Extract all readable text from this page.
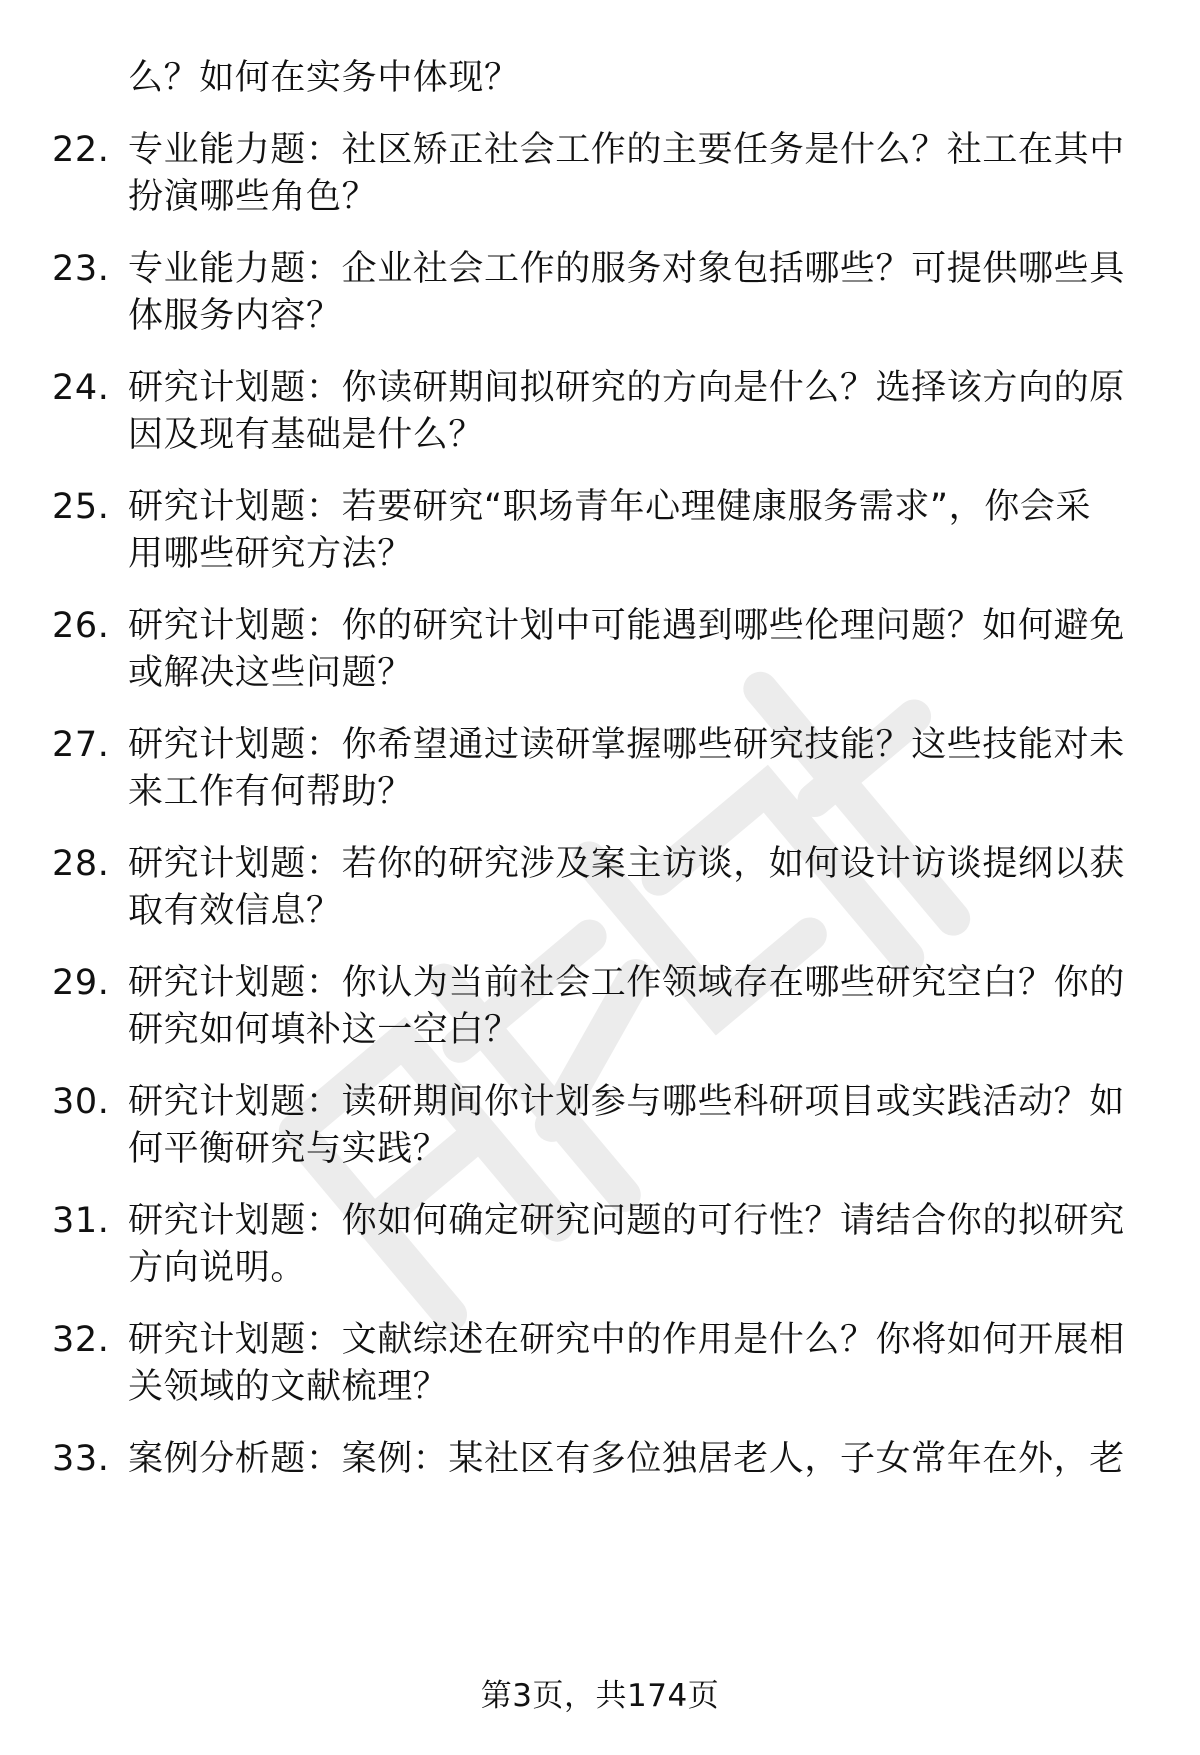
么？如何在实务中体现？
22. 专业能力题：社区矫正社会工作的主要任务是什么？社工在其中
扮演哪些角色？
23. 专业能力题：企业社会工作的服务对象包括哪些？可提供哪些具
体服务内容？
24. 研究计划题：你读研期间拟研究的方向是什么？选择该方向的原
因及现有基础是什么？
25. 研究计划题：若要研究“职场青年心理健康服务需求”，你会采
用哪些研究方法？
26. 研究计划题：你的研究计划中可能遇到哪些伦理问题？如何避免
或解决这些问题？
27. 研究计划题：你希望通过读研掌握哪些研究技能？这些技能对未
来工作有何帮助？
28. 研究计划题：若你的研究涉及案主访谈，如何设计访谈提纲以获
取有效信息？
29. 研究计划题：你认为当前社会工作领域存在哪些研究空白？你的
研究如何填补这一空白？
30. 研究计划题：读研期间你计划参与哪些科研项目或实践活动？如
何平衡研究与实践？
31. 研究计划题：你如何确定研究问题的可行性？请结合你的拟研究
方向说明。
32. 研究计划题：文献综述在研究中的作用是什么？你将如何开展相
关领域的文献梳理？
33. 案例分析题：案例：某社区有多位独居老人，子女常年在外，老
第3页，共174页
